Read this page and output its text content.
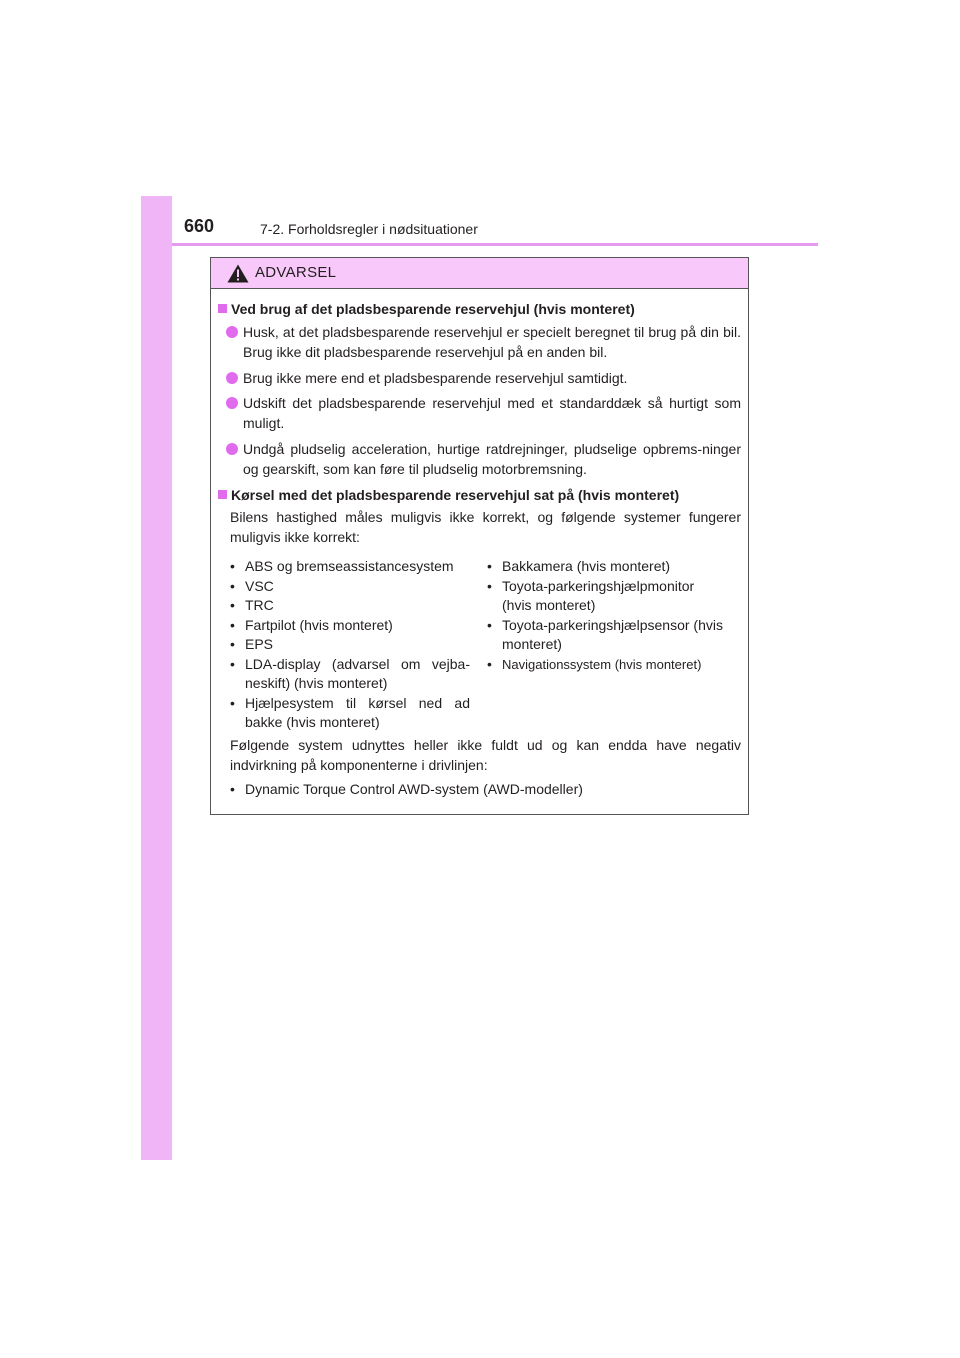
660	7-2. Forholdsregler i nødsituationer
ADVARSEL
Ved brug af det pladsbesparende reservehjul (hvis monteret)
Husk, at det pladsbesparende reservehjul er specielt beregnet til brug på din bil. Brug ikke dit pladsbesparende reservehjul på en anden bil.
Brug ikke mere end et pladsbesparende reservehjul samtidigt.
Udskift det pladsbesparende reservehjul med et standarddæk så hurtigt som muligt.
Undgå pludselig acceleration, hurtige ratdrejninger, pludselige opbrems-ninger og gearskift, som kan føre til pludselig motorbremsning.
Kørsel med det pladsbesparende reservehjul sat på (hvis monteret)
Bilens hastighed måles muligvis ikke korrekt, og følgende systemer fungerer muligvis ikke korrekt:
• ABS og bremseassistancesystem
• VSC
• TRC
• Fartpilot (hvis monteret)
• EPS
• LDA-display (advarsel om vejba-neskift) (hvis monteret)
• Hjælpesystem til kørsel ned ad bakke (hvis monteret)
• Bakkamera (hvis monteret)
• Toyota-parkeringshjælpmonitor (hvis monteret)
• Toyota-parkeringshjælpsensor (hvis monteret)
• Navigationssystem (hvis monteret)
Følgende system udnyttes heller ikke fuldt ud og kan endda have negativ indvirkning på komponenterne i drivlinjen:
• Dynamic Torque Control AWD-system (AWD-modeller)
